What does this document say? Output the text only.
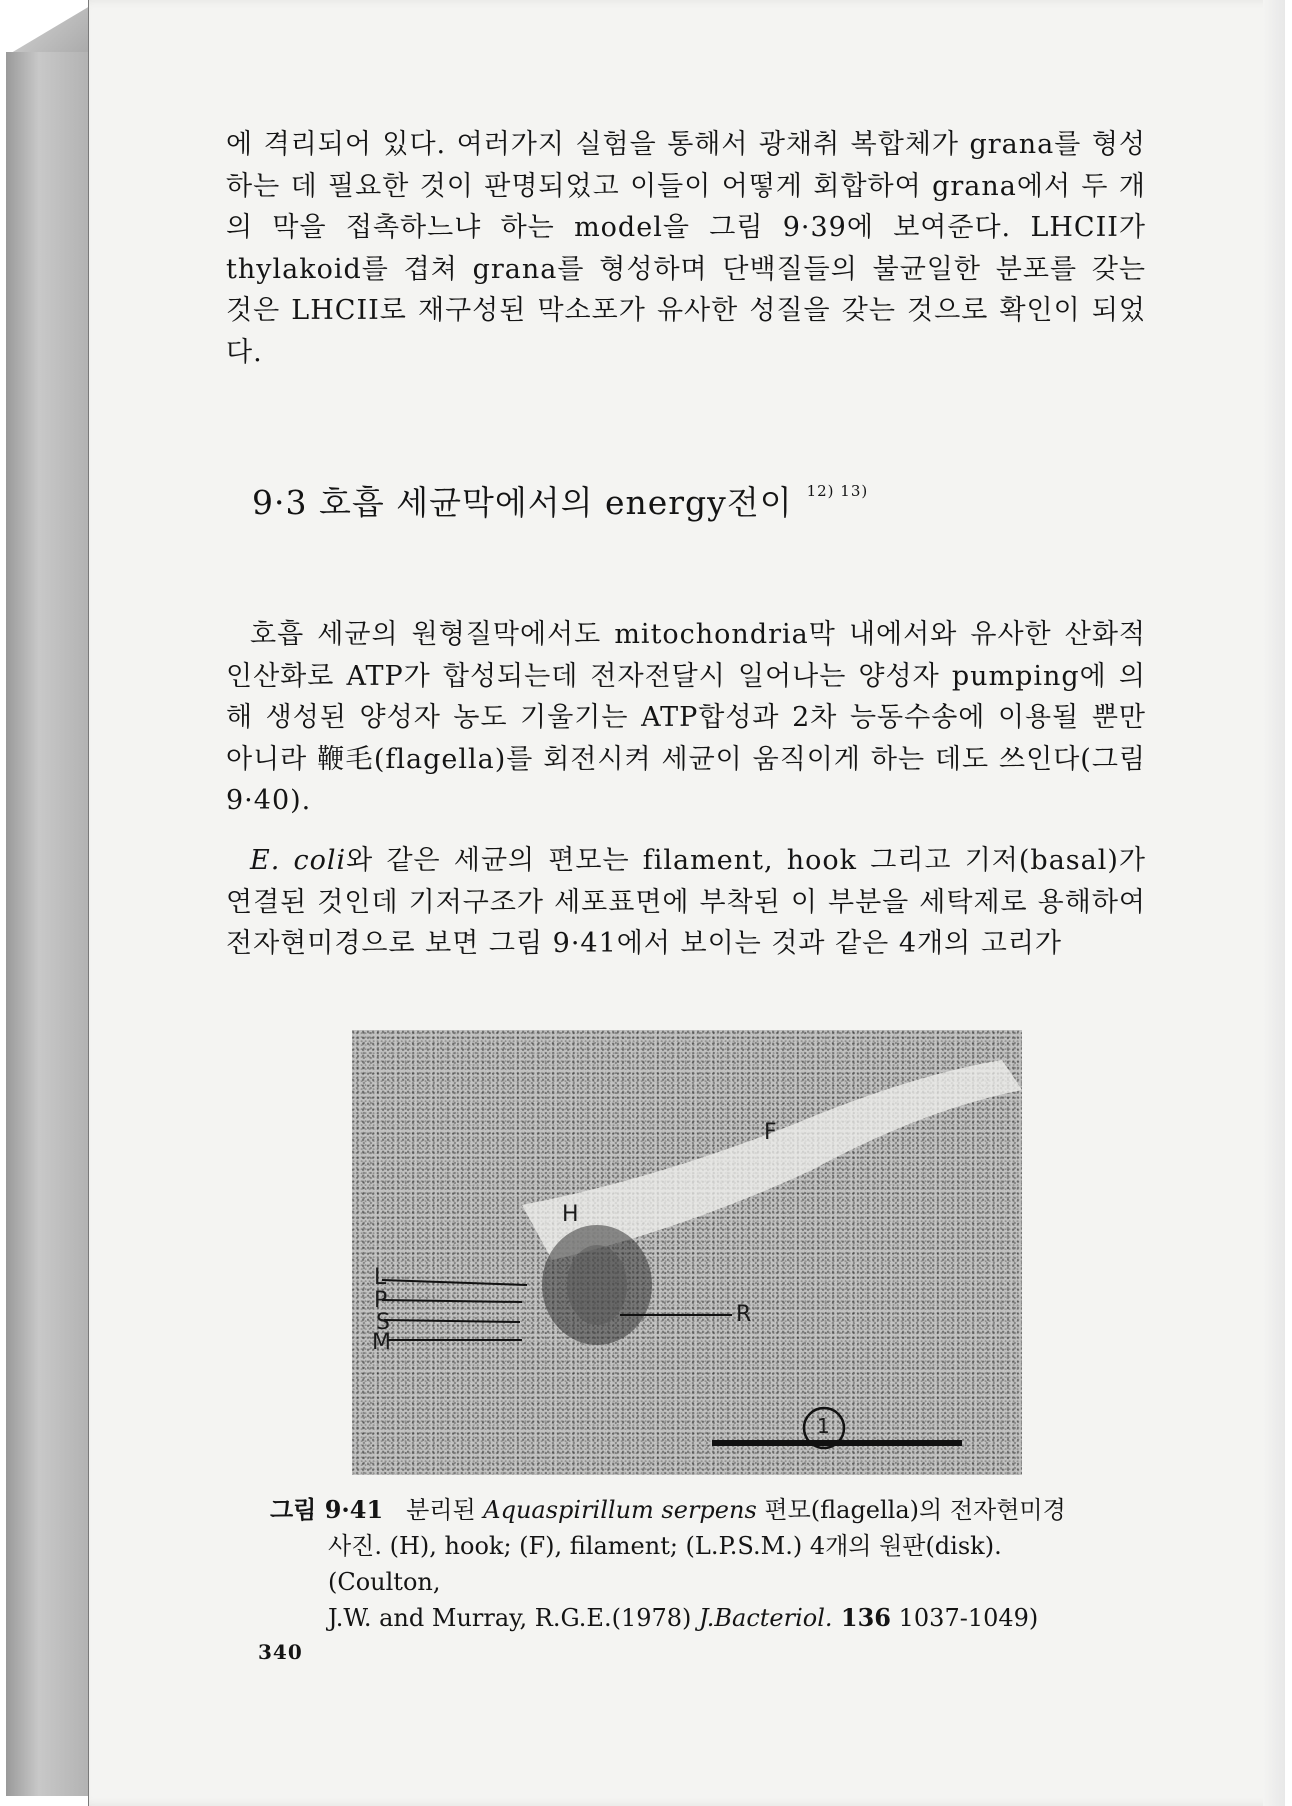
에 격리되어 있다. 여러가지 실험을 통해서 광채취 복합체가 grana를 형성하는 데 필요한 것이 판명되었고 이들이 어떻게 회합하여 grana에서 두 개의 막을 접촉하느냐 하는 model을 그림 9·39에 보여준다. LHCII가 thylakoid를 겹쳐 grana를 형성하며 단백질들의 불균일한 분포를 갖는 것은 LHCII로 재구성된 막소포가 유사한 성질을 갖는 것으로 확인이 되었다.

9·3 호흡 세균막에서의 energy전이 $^{12) 13)}$

호흡 세균의 원형질막에서도 mitochondria막 내에서와 유사한 산화적 인산화로 ATP가 합성되는데 전자전달시 일어나는 양성자 pumping에 의해 생성된 양성자 농도 기울기는 ATP합성과 2차 능동수송에 이용될 뿐만 아니라 鞭毛(flagella)를 회전시켜 세균이 움직이게 하는 데도 쓰인다(그림 9·40).

E. coli와 같은 세균의 편모는 filament, hook 그리고 기저(basal)가 연결된 것인데 기저구조가 세포표면에 부착된 이 부분을 세탁제로 용해하여 전자현미경으로 보면 그림 9·41에서 보이는 것과 같은 4개의 고리가

F
H
L
P
S
M
R
1

그림 9·41 분리된 Aquaspirillum serpens 편모(flagella)의 전자현미경
사진. (H), hook; (F), filament; (L.P.S.M.) 4개의 원판(disk). (Coulton,
J.W. and Murray, R.G.E.(1978) J.Bacteriol. 136 1037-1049)

340
